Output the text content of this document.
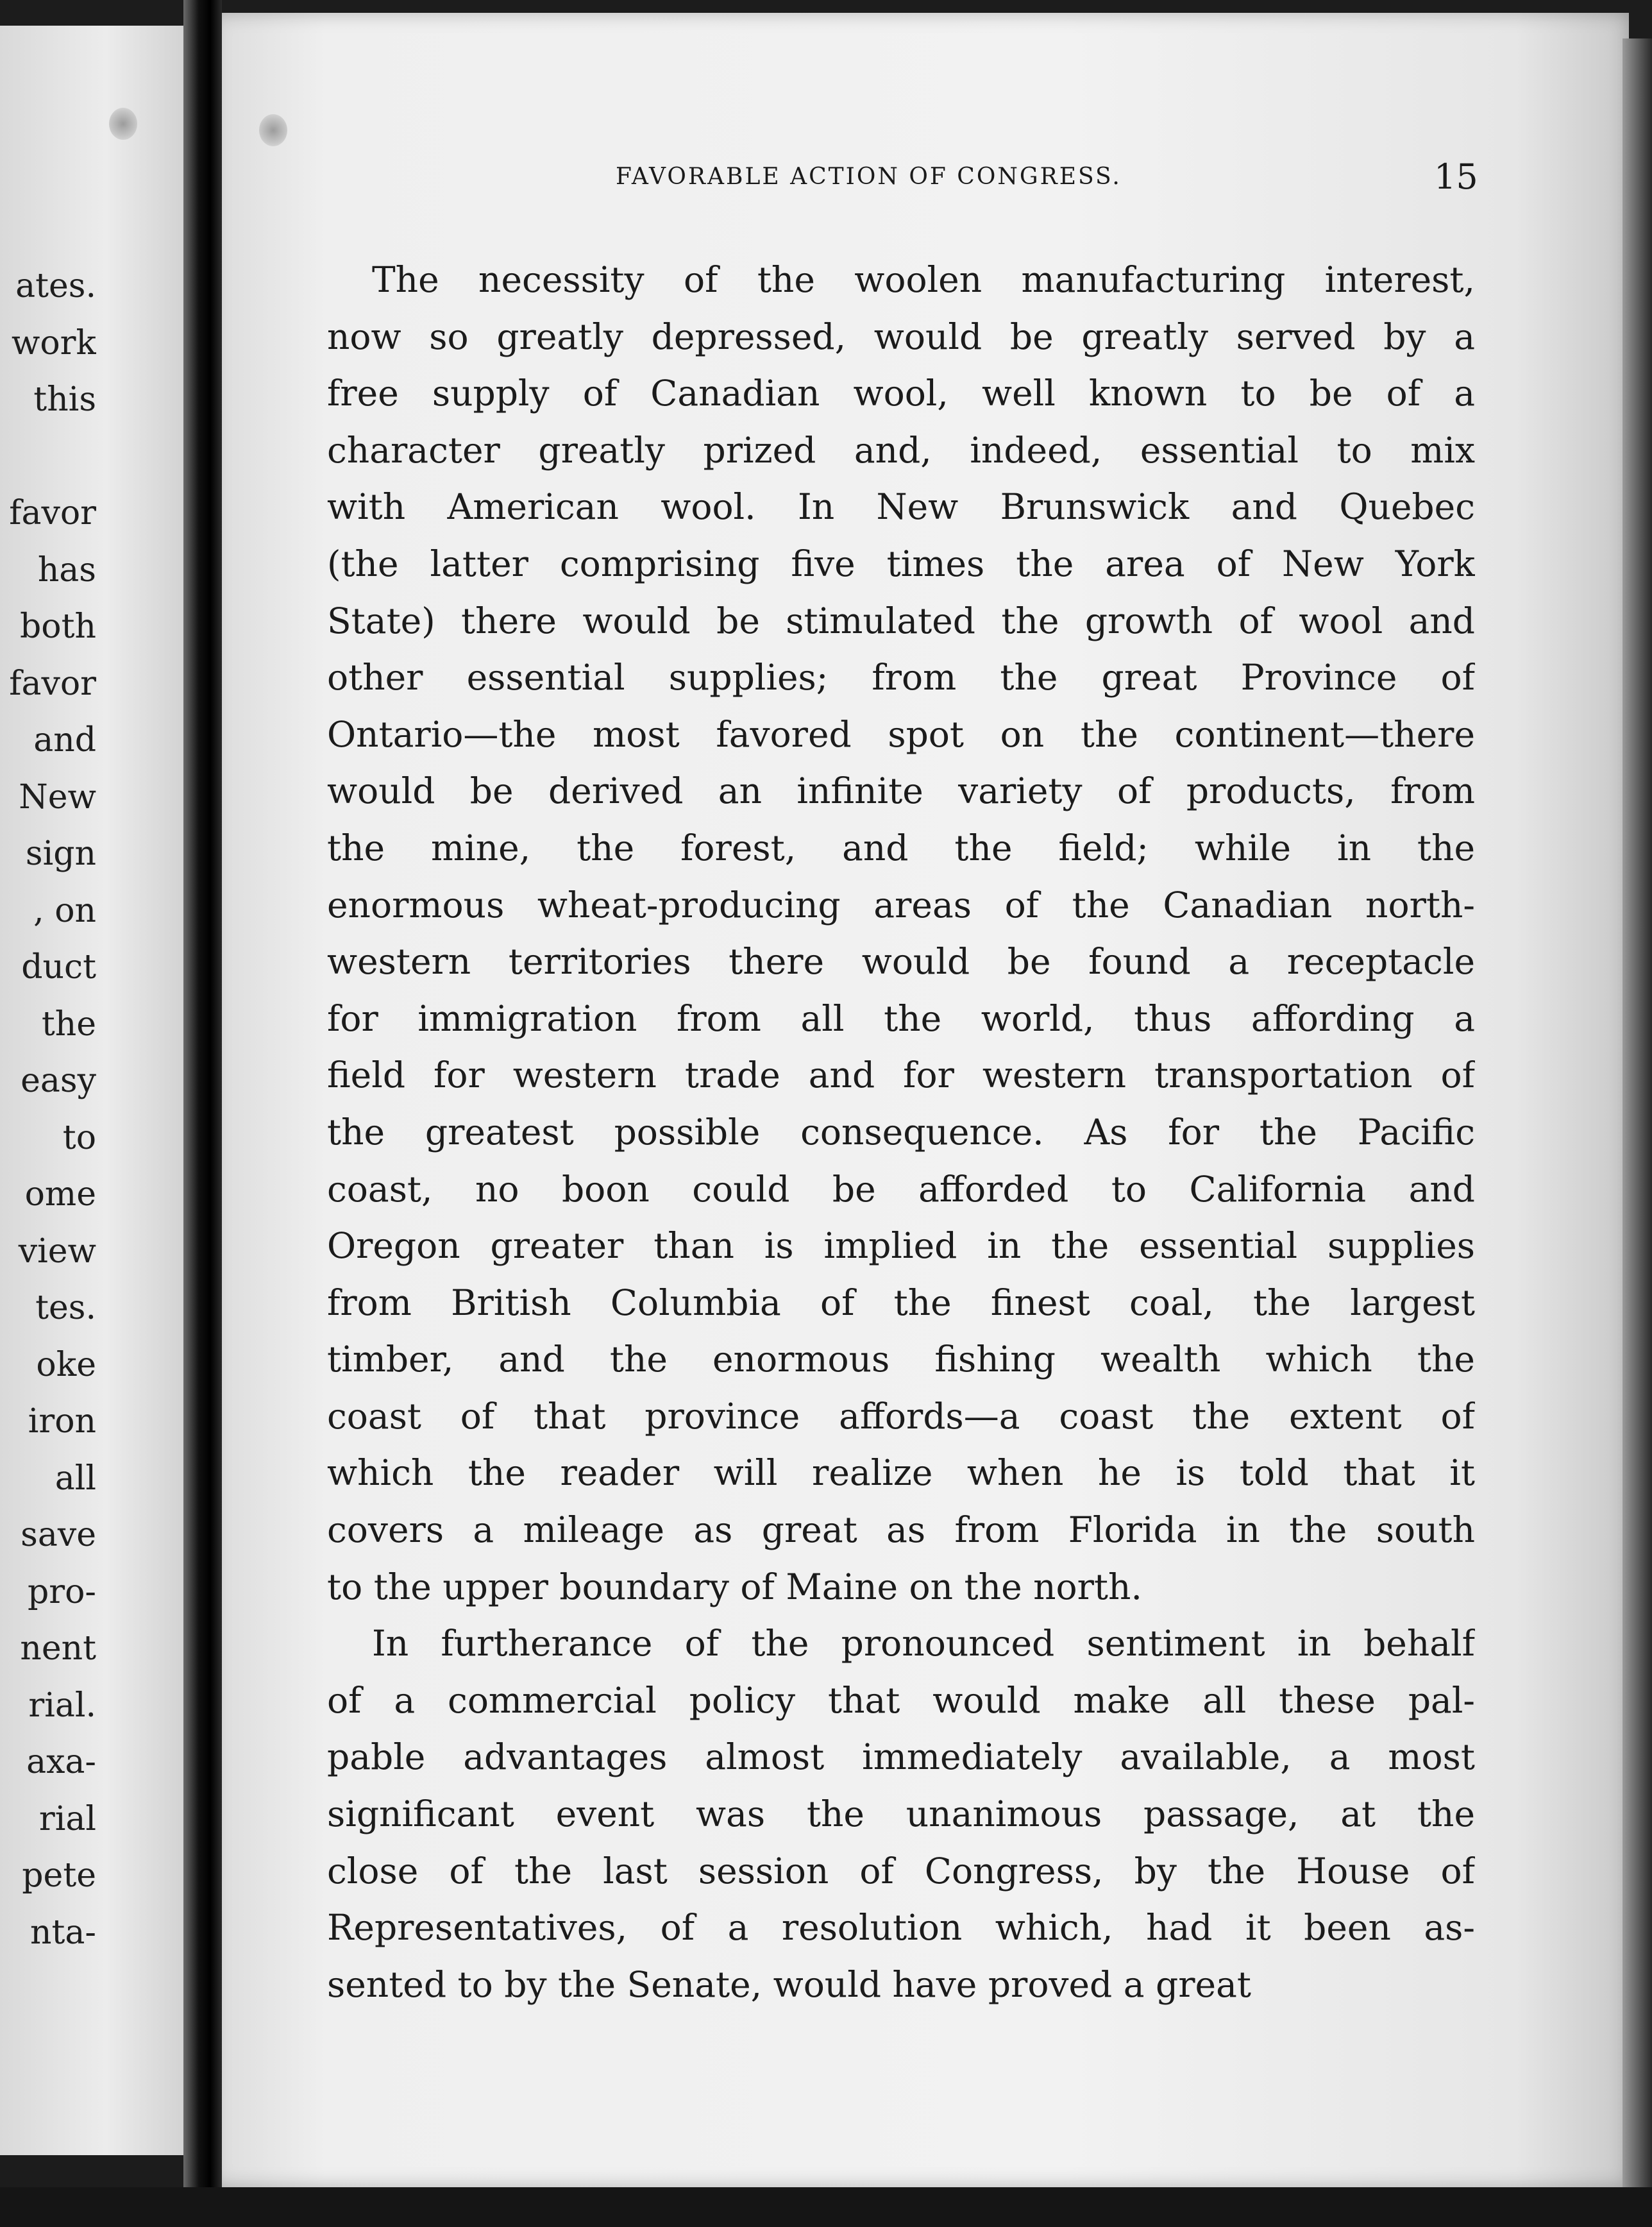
ates.
work
this
favor
has
both
favor
and
New
sign
, on
duct
the
easy
to
ome
view
tes.
oke
iron
all
save
pro-
nent
rial.
axa-
rial
pete
nta-
FAVORABLE ACTION OF CONGRESS.	15
The necessity of the woolen manufacturing interest,
now so greatly depressed, would be greatly served by a
free supply of Canadian wool, well known to be of a
character greatly prized and, indeed, essential to mix
with American wool. In New Brunswick and Quebec
(the latter comprising five times the area of New York
State) there would be stimulated the growth of wool and
other essential supplies; from the great Province of
Ontario—the most favored spot on the continent—there
would be derived an infinite variety of products, from
the mine, the forest, and the field; while in the
enormous wheat-producing areas of the Canadian north-
western territories there would be found a receptacle
for immigration from all the world, thus affording a
field for western trade and for western transportation of
the greatest possible consequence. As for the Pacific
coast, no boon could be afforded to California and
Oregon greater than is implied in the essential supplies
from British Columbia of the finest coal, the largest
timber, and the enormous fishing wealth which the
coast of that province affords—a coast the extent of
which the reader will realize when he is told that it
covers a mileage as great as from Florida in the south
to the upper boundary of Maine on the north.
In furtherance of the pronounced sentiment in behalf
of a commercial policy that would make all these pal-
pable advantages almost immediately available, a most
significant event was the unanimous passage, at the
close of the last session of Congress, by the House of
Representatives, of a resolution which, had it been as-
sented to by the Senate, would have proved a great
